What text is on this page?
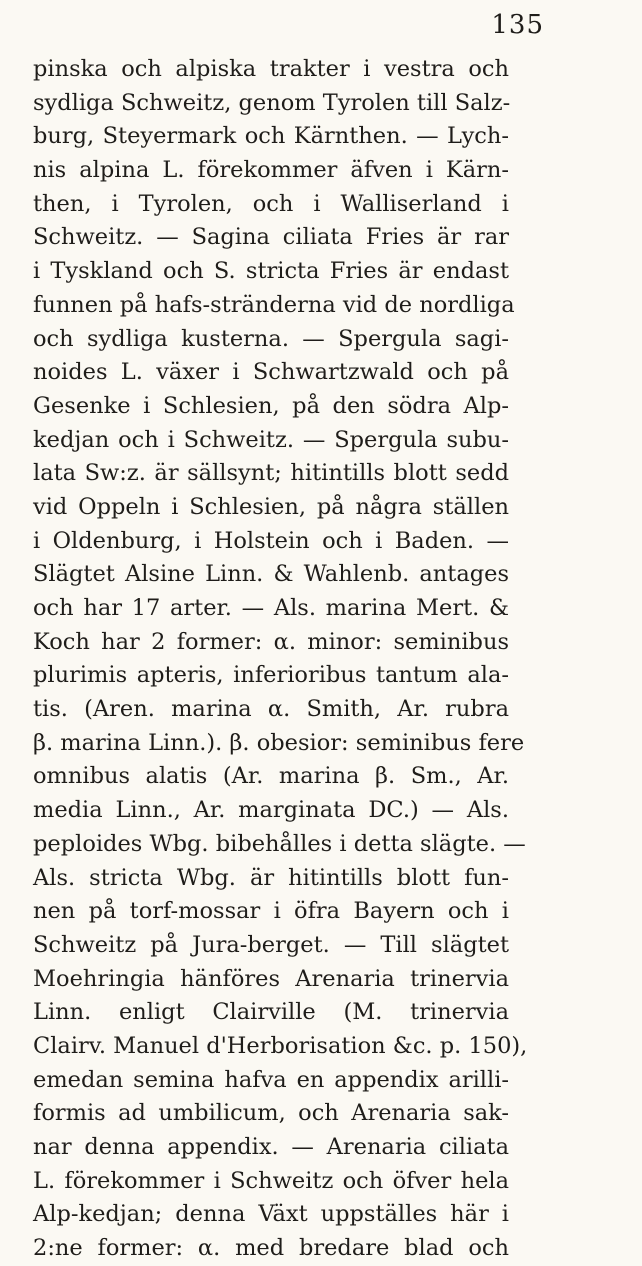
135
pinska och alpiska trakter i vestra och
sydliga Schweitz, genom Tyrolen till Salz-
burg, Steyermark och Kärnthen. — Lych-
nis alpina L. förekommer äfven i Kärn-
then, i Tyrolen, och i Walliserland i
Schweitz. — Sagina ciliata Fries är rar
i Tyskland och S. stricta Fries är endast
funnen på hafs-stränderna vid de nordliga
och sydliga kusterna. — Spergula sagi-
noides L. växer i Schwartzwald och på
Gesenke i Schlesien, på den södra Alp-
kedjan och i Schweitz. — Spergula subu-
lata Sw:z. är sällsynt; hitintills blott sedd
vid Oppeln i Schlesien, på några ställen
i Oldenburg, i Holstein och i Baden. —
Slägtet Alsine Linn. & Wahlenb. antages
och har 17 arter. — Als. marina Mert. &
Koch har 2 former: α. minor: seminibus
plurimis apteris, inferioribus tantum ala-
tis. (Aren. marina α. Smith, Ar. rubra
β. marina Linn.). β. obesior: seminibus fere
omnibus alatis (Ar. marina β. Sm., Ar.
media Linn., Ar. marginata DC.) — Als.
peploides Wbg. bibehålles i detta slägte. —
Als. stricta Wbg. är hitintills blott fun-
nen på torf-mossar i öfra Bayern och i
Schweitz på Jura-berget. — Till slägtet
Moehringia hänföres Arenaria trinervia
Linn. enligt Clairville (M. trinervia
Clairv. Manuel d'Herborisation &c. p. 150),
emedan semina hafva en appendix arilli-
formis ad umbilicum, och Arenaria sak-
nar denna appendix. — Arenaria ciliata
L. förekommer i Schweitz och öfver hela
Alp-kedjan; denna Växt uppställes här i
2:ne former: α. med bredare blad och
